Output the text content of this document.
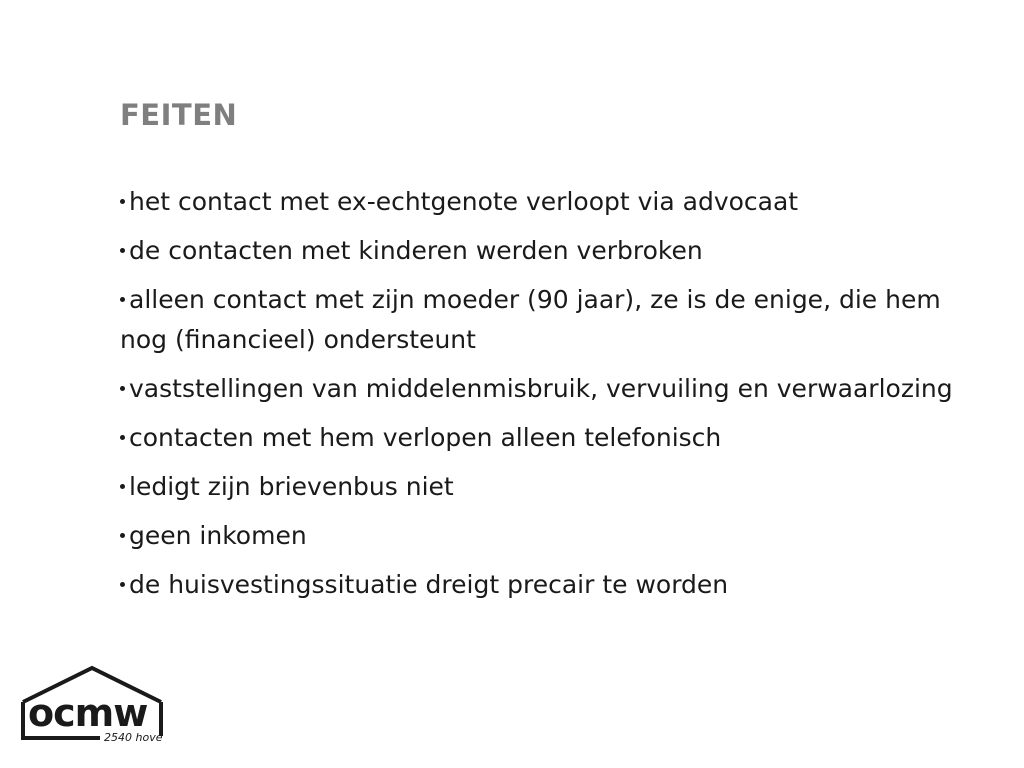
FEITEN
het contact met ex-echtgenote verloopt via advocaat
de contacten met kinderen werden verbroken
alleen contact met zijn moeder (90 jaar), ze is de enige, die hem nog (financieel) ondersteunt
vaststellingen van middelenmisbruik, vervuiling en verwaarlozing
contacten met hem verlopen alleen telefonisch
ledigt zijn brievenbus niet
geen inkomen
de huisvestingssituatie dreigt precair te worden
ocmw
2540 hove
